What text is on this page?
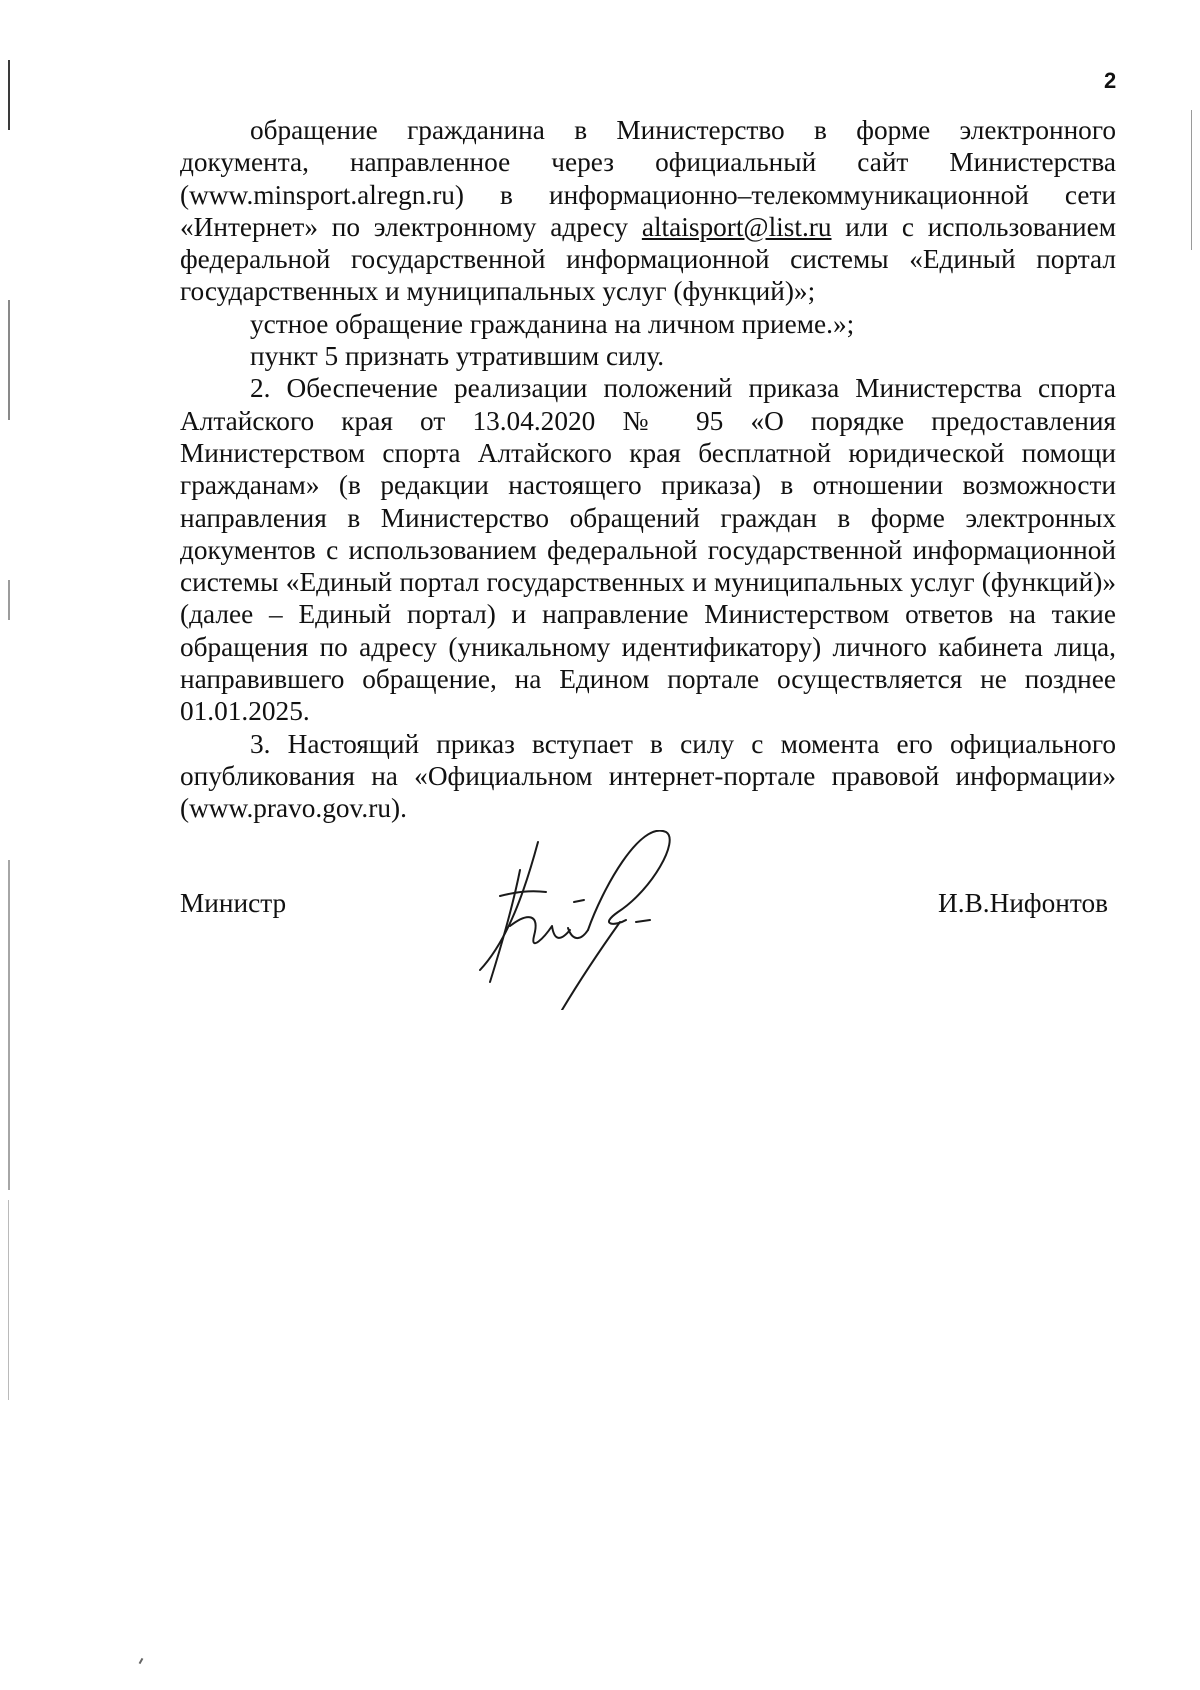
2

обращение гражданина в Министерство в форме электронного документа, направленное через официальный сайт Министерства (www.minsport.alregn.ru) в информационно–телекоммуникационной сети «Интернет» по электронному адресу altaisport@list.ru или с использованием федеральной государственной информационной системы «Единый портал государственных и муниципальных услуг (функций)»;

устное обращение гражданина на личном приеме.»;

пункт 5 признать утратившим силу.

2. Обеспечение реализации положений приказа Министерства спорта Алтайского края от 13.04.2020 № 95 «О порядке предоставления Министерством спорта Алтайского края бесплатной юридической помощи гражданам» (в редакции настоящего приказа) в отношении возможности направления в Министерство обращений граждан в форме электронных документов с использованием федеральной государственной информационной системы «Единый портал государственных и муниципальных услуг (функций)» (далее – Единый портал) и направление Министерством ответов на такие обращения по адресу (уникальному идентификатору) личного кабинета лица, направившего обращение, на Едином портале осуществляется не позднее 01.01.2025.

3. Настоящий приказ вступает в силу с момента его официального опубликования на «Официальном интернет-портале правовой информации» (www.pravo.gov.ru).

Министр	И.В.Нифонтов
